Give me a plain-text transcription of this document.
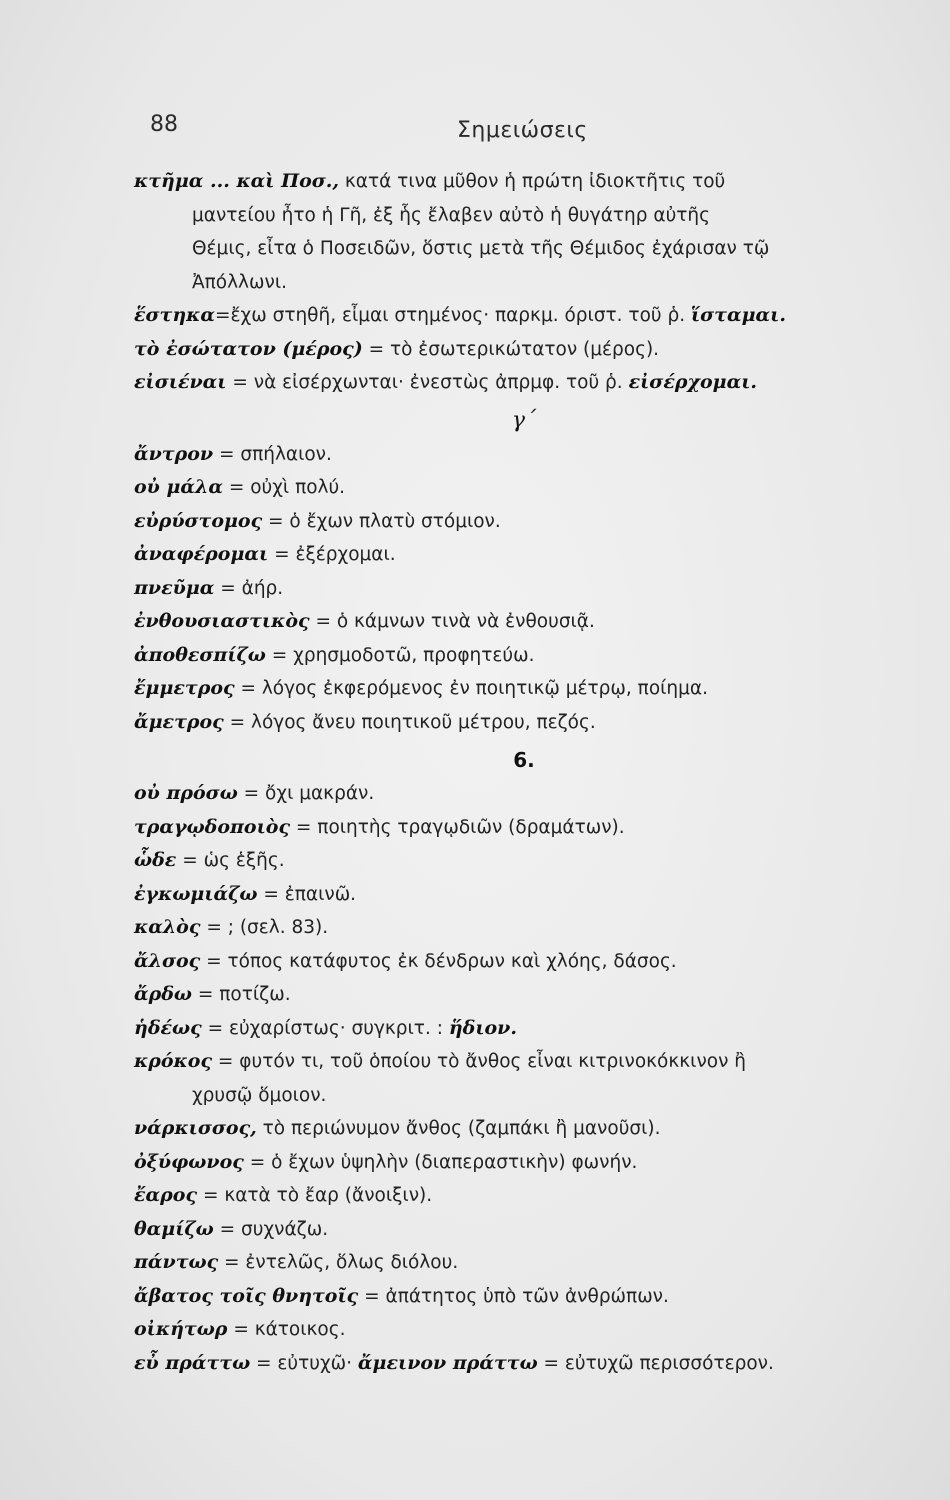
88	Σημειώσεις
κτῆμα ... καὶ Ποσ., κατά τινα μῦθον ἡ πρώτη ἰδιοκτῆτις τοῦ
μαντείου ἦτο ἡ Γῆ, ἐξ ἧς ἔλαβεν αὐτὸ ἡ θυγάτηρ αὐτῆς
Θέμις, εἶτα ὁ Ποσειδῶν, ὅστις μετὰ τῆς Θέμιδος ἐχάρισαν τῷ
Ἀπόλλωνι.
ἕστηκα=ἔχω στηθῆ, εἶμαι στημένος· παρκμ. όριστ. τοῦ ῥ. ἵσταμαι.
τὸ ἐσώτατον (μέρος) = τὸ ἐσωτερικώτατον (μέρος).
εἰσιέναι = νὰ εἰσέρχωνται· ἐνεστὼς ἀπρμφ. τοῦ ῥ. εἰσέρχομαι.
γ΄
ἄντρον = σπήλαιον.
οὐ μάλα = οὐχὶ πολύ.
εὐρύστομος = ὁ ἔχων πλατὺ στόμιον.
ἀναφέρομαι = ἐξέρχομαι.
πνεῦμα = ἀήρ.
ἐνθουσιαστικὸς = ὁ κάμνων τινὰ νὰ ἐνθουσιᾷ.
ἀποθεσπίζω = χρησμοδοτῶ, προφητεύω.
ἔμμετρος = λόγος ἐκφερόμενος ἐν ποιητικῷ μέτρῳ, ποίημα.
ἄμετρος = λόγος ἄνευ ποιητικοῦ μέτρου, πεζός.
6.
οὐ πρόσω = ὄχι μακράν.
τραγῳδοποιὸς = ποιητὴς τραγῳδιῶν (δραμάτων).
ὧδε = ὡς ἑξῆς.
ἐγκωμιάζω = ἐπαινῶ.
καλὸς = ; (σελ. 83).
ἄλσος = τόπος κατάφυτος ἐκ δένδρων καὶ χλόης, δάσος.
ἄρδω = ποτίζω.
ἡδέως = εὐχαρίστως· συγκριτ. : ἥδιον.
κρόκος = φυτόν τι, τοῦ ὁποίου τὸ ἄνθος εἶναι κιτρινοκόκκινον ἢ
χρυσῷ ὅμοιον.
νάρκισσος, τὸ περιώνυμον ἄνθος (ζαμπάκι ἢ μανοῦσι).
ὀξύφωνος = ὁ ἔχων ὑψηλὴν (διαπεραστικὴν) φωνήν.
ἔαρος = κατὰ τὸ ἔαρ (ἄνοιξιν).
θαμίζω = συχνάζω.
πάντως = ἐντελῶς, ὅλως διόλου.
ἄβατος τοῖς θνητοῖς = ἀπάτητος ὑπὸ τῶν ἀνθρώπων.
οἰκήτωρ = κάτοικος.
εὖ πράττω = εὐτυχῶ· ἄμεινον πράττω = εὐτυχῶ περισσότερον.
